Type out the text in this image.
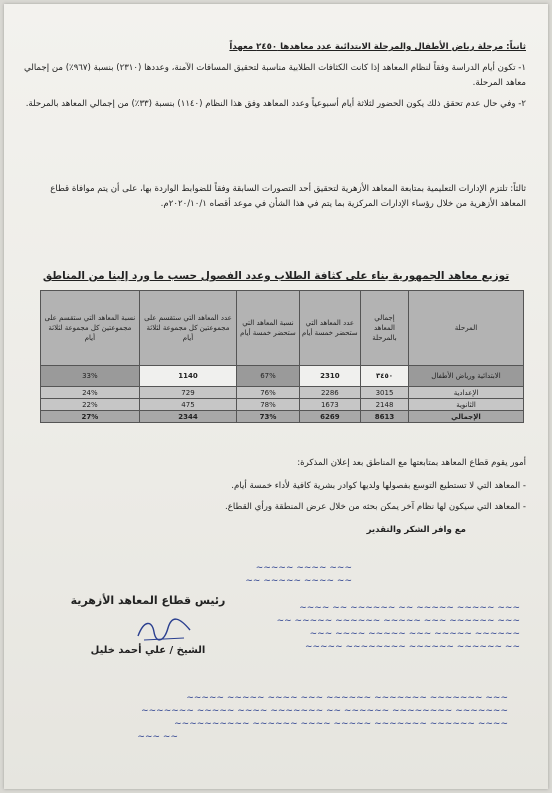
ثانياً: مرحلة رياض الأطفال والمرحلة الابتدائية عدد معاهدها ٢٤٥٠ معهداً
١- تكون أيام الدراسة وفقاً لنظام المعاهد إذا كانت الكثافات الطلابية مناسبة لتحقيق المسافات الآمنة، وعددها (٢٣١٠) بنسبة (٩٦٧٪) من إجمالي معاهد المرحلة.
٢- وفي حال عدم تحقق ذلك يكون الحضور لثلاثة أيام أسبوعياً وعدد المعاهد وفق هذا النظام (١١٤٠) بنسبة (٣٣٪) من إجمالي المعاهد بالمرحلة.
ثالثاً: تلتزم الإدارات التعليمية بمتابعة المعاهد الأزهرية لتحقيق أحد التصورات السابقة وفقاً للضوابط الواردة بها، على أن يتم موافاة قطاع المعاهد الأزهرية من خلال رؤساء الإدارات المركزية بما يتم في هذا الشأن في موعد أقصاه ٢٠٢٠/١٠/١م.
توزيع معاهد الجمهورية بناء على كثافة الطلاب وعدد الفصول حسب ما ورد إلينا من المناطق
المرحلة	إجمالي المعاهد بالمرحلة	عدد المعاهد التي ستحضر خمسة أيام	نسبة المعاهد التي ستحضر خمسة أيام	عدد المعاهد التي ستقسم على مجموعتين كل مجموعة لثلاثة أيام	نسبة المعاهد التي ستقسم على مجموعتين كل مجموعة لثلاثة أيام
الابتدائية ورياض الأطفال	٣٤٥٠	2310	67%	1140	33%
الإعدادية	3015	2286	76%	729	24%
الثانوية	2148	1673	78%	475	22%
الإجمالي	8613	6269	73%	2344	27%
أمور يقوم قطاع المعاهد بمتابعتها مع المناطق بعد إعلان المذكرة:
- المعاهد التي لا تستطيع التوسع بفصولها ولديها كوادر بشرية كافية لأداء خمسة أيام.
- المعاهد التي سيكون لها نظام آخر يمكن بحثه من خلال عرض المنطقة ورأي القطاع.
مع وافر الشكر والتقدير
رئيس قطاع المعاهد الأزهرية
الشيخ / علي أحمد خليل
~~~ ~~~~ ~~~~~
~~ ~~~~ ~~~~~ ~~
~~~ ~~~~~ ~~~~~ ~~ ~~~~~~ ~~ ~~~~
~~~ ~~~~~~ ~~~ ~~~~~ ~~~~~~ ~~~~~ ~~
~~~~~~ ~~~~~ ~~~ ~~~~~ ~~~~ ~~~
~~ ~~~~~~ ~~~~~~ ~~~~~~~~ ~~~~~
~~~ ~~~~~~~ ~~~~~~~ ~~~~~~ ~~~ ~~~~ ~~~~~ ~~~~~
~~~~~~~ ~~~~~~~~ ~~~~~~ ~~ ~~~~~~~ ~~~~ ~~~~~ ~~~~~~~
~~~~ ~~~~~~ ~~~~~~~ ~~~~~ ~~~~ ~~~~~~ ~~~~~~~~~~
~~ ~~~
